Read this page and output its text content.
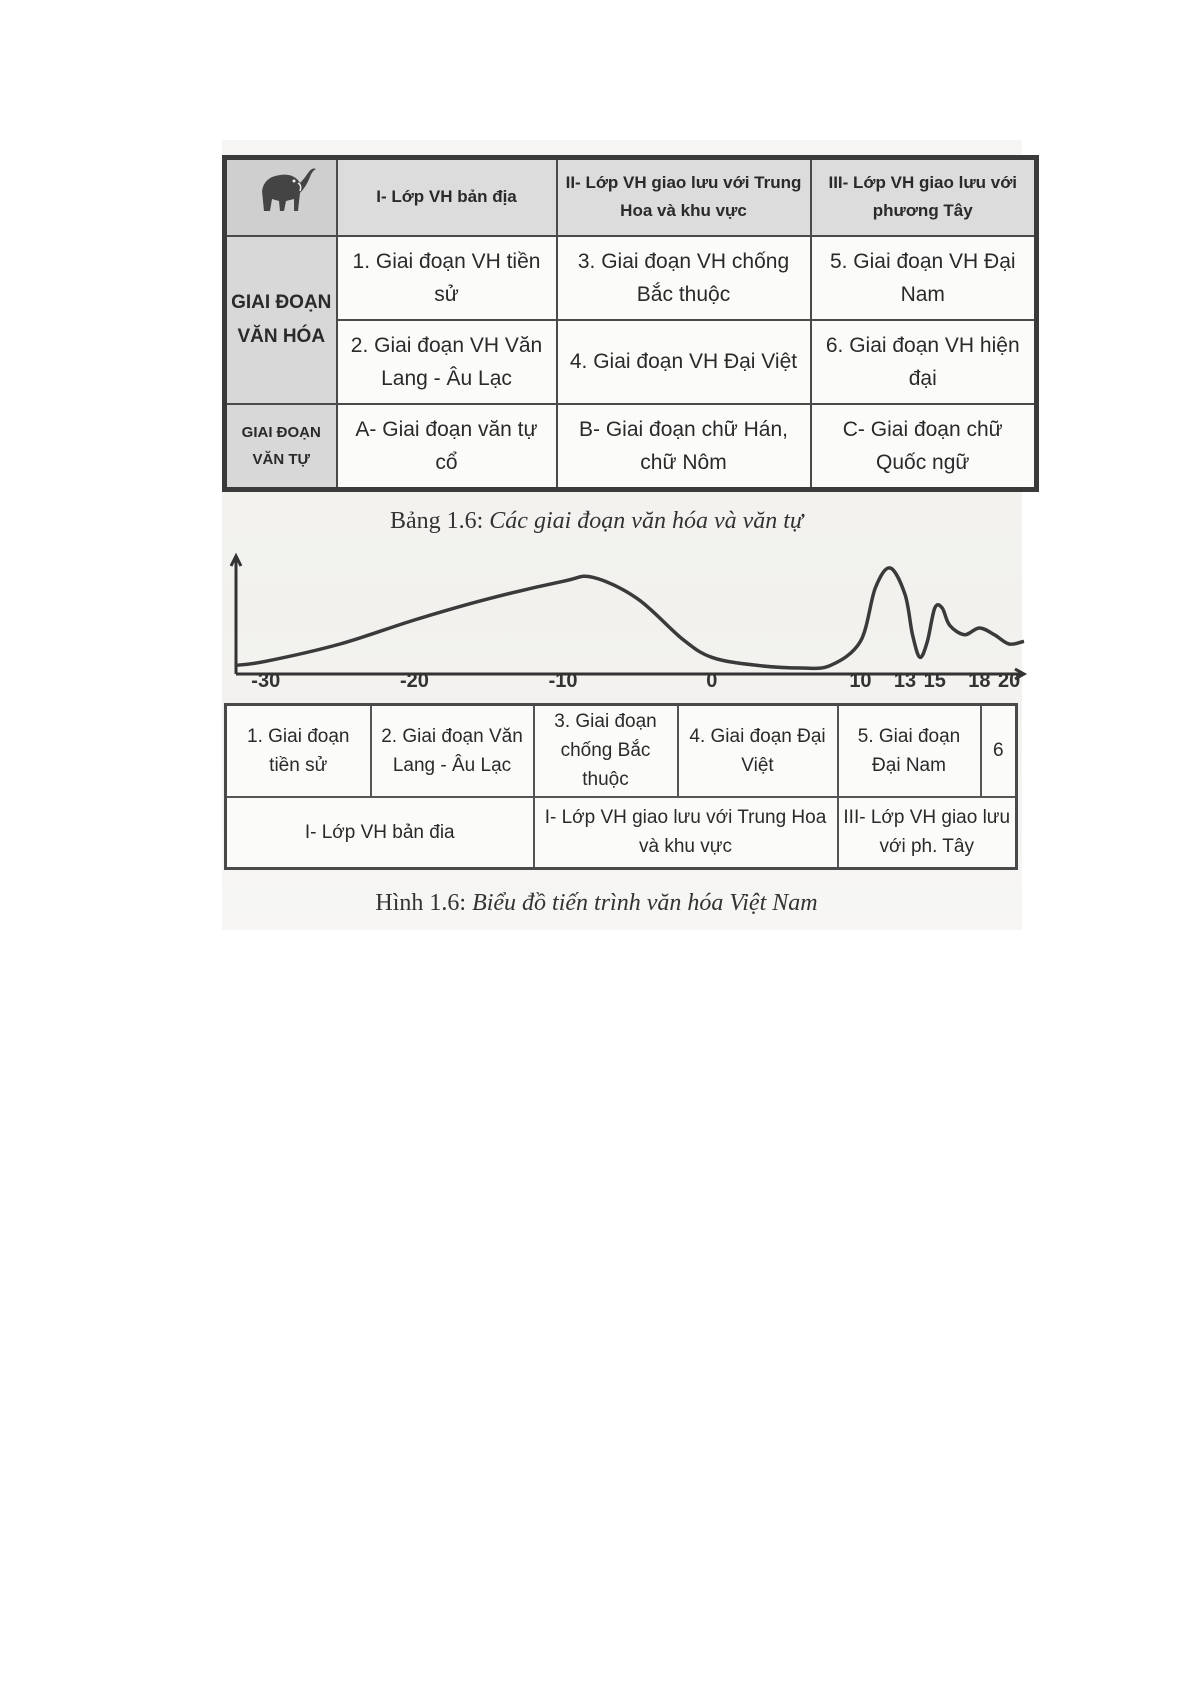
	I- Lớp VH bản địa	II- Lớp VH giao lưu với Trung Hoa và khu vực	III- Lớp VH giao lưu với phương Tây
GIAI ĐOẠN VĂN HÓA	1. Giai đoạn VH tiền sử	3. Giai đoạn VH chống Bắc thuộc	5. Giai đoạn VH Đại Nam
	2. Giai đoạn VH Văn Lang - Âu Lạc	4. Giai đoạn VH Đại Việt	6. Giai đoạn VH hiện đại
GIAI ĐOẠN VĂN TỰ	A- Giai đoạn văn tự cổ	B- Giai đoạn chữ Hán, chữ Nôm	C- Giai đoạn chữ Quốc ngữ
Bảng 1.6: Các giai đoạn văn hóa và văn tự
-30	-20	-10	0	10 13 15 18 20
1. Giai đoạn tiền sử	2. Giai đoạn Văn Lang - Âu Lạc	3. Giai đoạn chống Bắc thuộc	4. Giai đoạn Đại Việt	5. Giai đoạn Đại Nam	6
I- Lớp VH bản đia		I- Lớp VH giao lưu với Trung Hoa và khu vực		III- Lớp VH giao lưu với ph. Tây	
Hình 1.6: Biểu đồ tiến trình văn hóa Việt Nam
